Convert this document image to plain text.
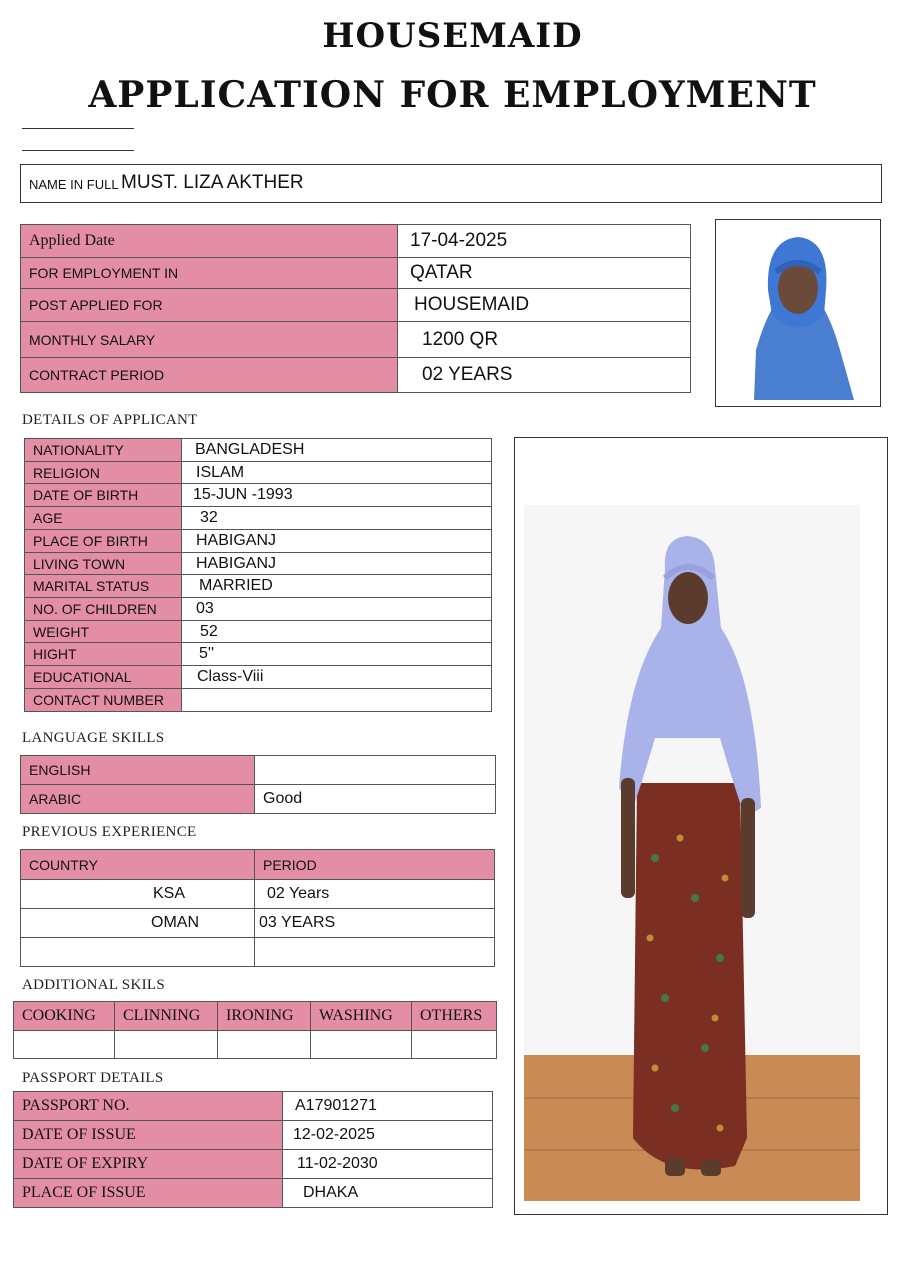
HOUSEMAID
APPLICATION FOR EMPLOYMENT
NAME IN FULL MUST. LIZA AKTHER
Applied Date	17-04-2025
FOR EMPLOYMENT IN	QATAR
POST APPLIED FOR	HOUSEMAID
MONTHLY SALARY	1200 QR
CONTRACT PERIOD	02 YEARS
DETAILS OF APPLICANT
NATIONALITY	BANGLADESH
RELIGION	ISLAM
DATE OF BIRTH	15-JUN -1993
AGE	32
PLACE OF BIRTH	HABIGANJ
LIVING TOWN	HABIGANJ
MARITAL STATUS	MARRIED
NO. OF CHILDREN	03
WEIGHT	52
HIGHT	5''
EDUCATIONAL	Class-Viii
CONTACT NUMBER	
LANGUAGE SKILLS
ENGLISH	
ARABIC	Good
PREVIOUS EXPERIENCE
COUNTRY	PERIOD
KSA	02 Years
OMAN	03 YEARS

ADDITIONAL SKILS
COOKING	CLINNING	IRONING	WASHING	OTHERS

PASSPORT DETAILS
PASSPORT NO.	A17901271
DATE OF ISSUE	12-02-2025
DATE OF EXPIRY	11-02-2030
PLACE OF ISSUE	DHAKA
